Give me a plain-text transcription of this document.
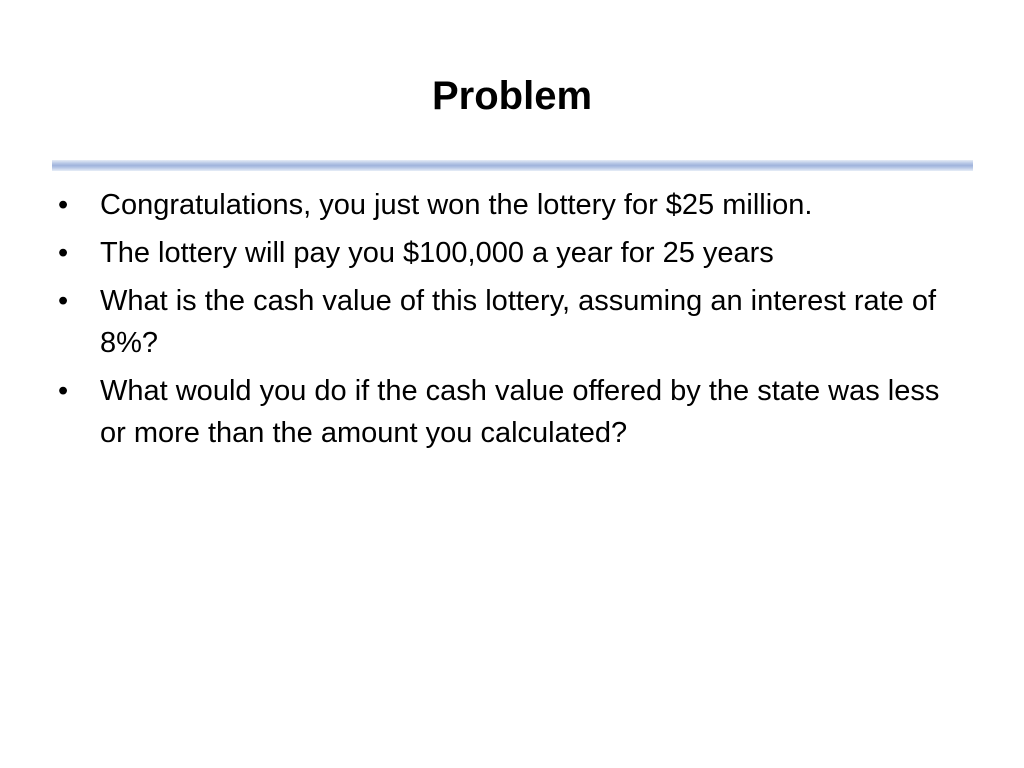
Problem
•	Congratulations, you just won the lottery for $25 million.
•	The lottery will pay you $100,000 a year for 25 years
•	What is the cash value of this lottery, assuming an interest rate of 8%?
•	What would you do if the cash value offered by the state was less or more than the amount you calculated?
